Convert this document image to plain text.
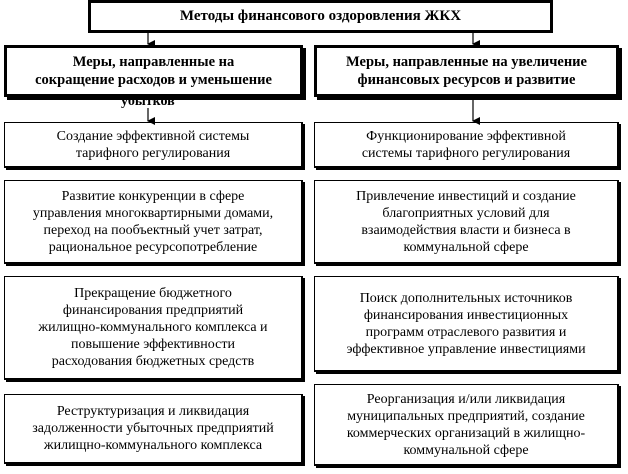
Методы финансового оздоровления ЖКХ
Меры, направленные на
сокращение расходов и уменьшение
убытков
Меры, направленные на увеличение
финансовых ресурсов и развитие
Создание эффективной системы
тарифного регулирования
Развитие конкуренции в сфере
управления многоквартирными домами,
переход на пообъектный учет затрат,
рациональное ресурсопотребление
Прекращение бюджетного
финансирования предприятий
жилищно-коммунального комплекса и
повышение эффективности
расходования бюджетных средств
Реструктуризация и ликвидация
задолженности убыточных предприятий
жилищно-коммунального комплекса
Функционирование эффективной
системы тарифного регулирования
Привлечение инвестиций и создание
благоприятных условий для
взаимодействия власти и бизнеса в
коммунальной сфере
Поиск дополнительных источников
финансирования инвестиционных
программ отраслевого развития и
эффективное управление инвестициями
Реорганизация и/или ликвидация
муниципальных предприятий, создание
коммерческих организаций в жилищно-
коммунальной сфере
